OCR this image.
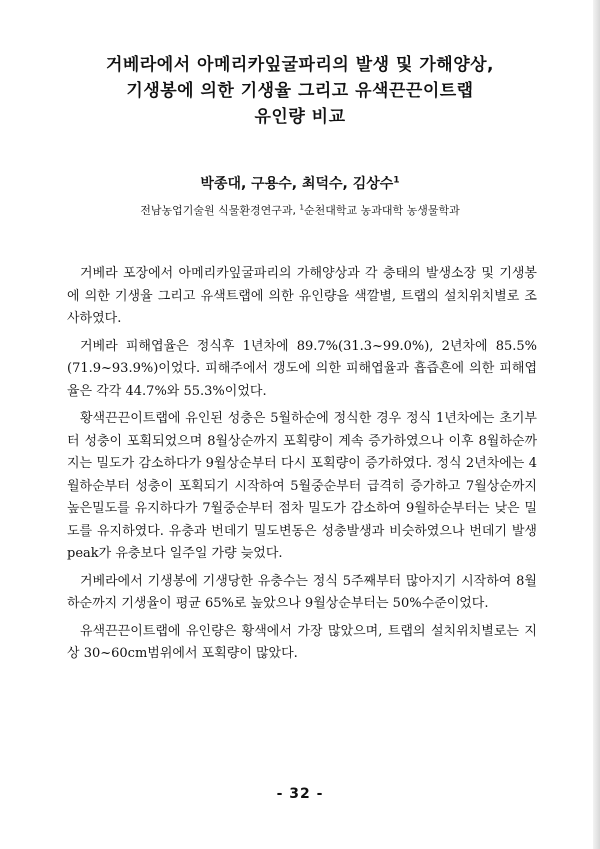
거베라에서 아메리카잎굴파리의 발생 및 가해양상,
기생봉에 의한 기생율 그리고 유색끈끈이트랩
유인량 비교
박종대, 구용수, 최덕수, 김상수$^1$
전남농업기술원 식물환경연구과, $^1$순천대학교 농과대학 농생물학과

거베라 포장에서 아메리카잎굴파리의 가해양상과 각 충태의 발생소장 및 기생봉에 의한 기생율 그리고 유색트랩에 의한 유인량을 색깔별, 트랩의 설치위치별로 조사하였다.

거베라 피해엽율은 정식후 1년차에 89.7%(31.3~99.0%), 2년차에 85.5%(71.9~93.9%)이었다. 피해주에서 갱도에 의한 피해엽율과 흡즙흔에 의한 피해엽율은 각각 44.7%와 55.3%이었다.

황색끈끈이트랩에 유인된 성충은 5월하순에 정식한 경우 정식 1년차에는 초기부터 성충이 포획되었으며 8월상순까지 포획량이 계속 증가하였으나 이후 8월하순까지는 밀도가 감소하다가 9월상순부터 다시 포획량이 증가하였다. 정식 2년차에는 4월하순부터 성충이 포획되기 시작하여 5월중순부터 급격히 증가하고 7월상순까지 높은밀도를 유지하다가 7월중순부터 점차 밀도가 감소하여 9월하순부터는 낮은 밀도를 유지하였다. 유충과 번데기 밀도변동은 성충발생과 비슷하였으나 번데기 발생 peak가 유충보다 일주일 가량 늦었다.

거베라에서 기생봉에 기생당한 유충수는 정식 5주째부터 많아지기 시작하여 8월하순까지 기생율이 평균 65%로 높았으나 9월상순부터는 50%수준이었다.

유색끈끈이트랩에 유인량은 황색에서 가장 많았으며, 트랩의 설치위치별로는 지상 30~60cm범위에서 포획량이 많았다.

- 32 -
